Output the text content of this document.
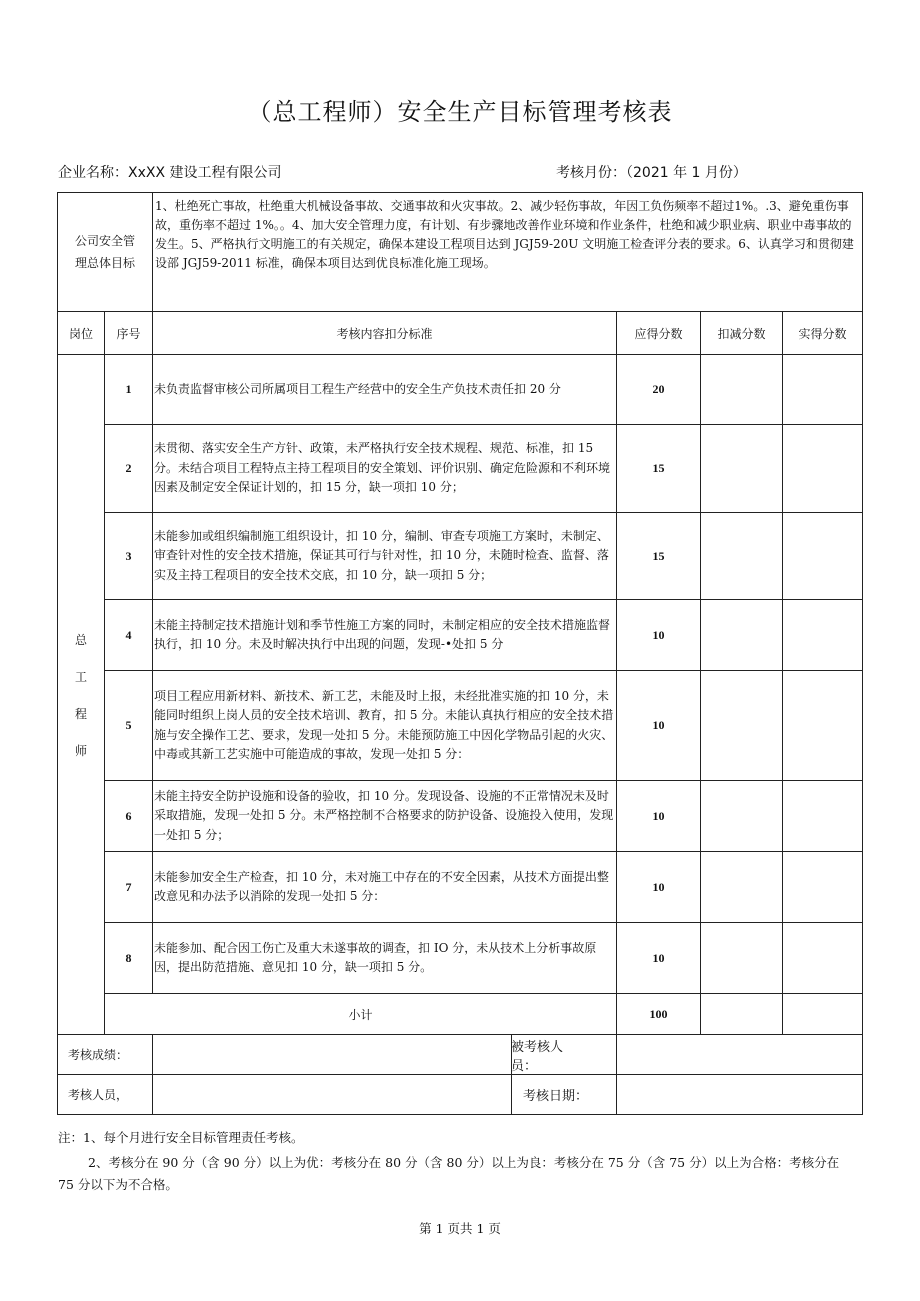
（总工程师）安全生产目标管理考核表
企业名称：XxXX 建设工程有限公司	考核月份：（2021 年 1 月份）
公司安全管
理总体目标		1、杜绝死亡事故，杜绝重大机械设备事故、交通事故和火灾事故。2、减少轻伤事故，年因工负伤频率不超过1%。.3、避免重伤事故，重伤率不超过 1%。。4、加大安全管理力度，有计划、有步骤地改善作业环境和作业条件，杜绝和减少职业病、职业中毒事故的发生。5、严格执行文明施工的有关规定，确保本建设工程项目达到 JGJ59-20U 文明施工检查评分表的要求。6、认真学习和贯彻建设部 JGJ59-2011 标准，确保本项目达到优良标准化施工现场。			
岗位	序号	考核内容扣分标准	应得分数	扣减分数	实得分数

总
工
程
师	1	未负责监督审核公司所属项目工程生产经营中的安全生产负技术责任扣 20 分	20		
	2	未贯彻、落实安全生产方针、政策，未严格执行安全技术规程、规范、标准，扣 15 分。未结合项目工程特点主持工程项目的安全策划、评价识别、确定危险源和不利环境因素及制定安全保证计划的，扣 15 分，缺一项扣 10 分；	15		
	3	未能参加或组织编制施工组织设计，扣 10 分，编制、审查专项施工方案时，未制定、审查针对性的安全技术措施，保证其可行与针对性，扣 10 分，未随时检查、监督、落实及主持工程项目的安全技术交底，扣 10 分，缺一项扣 5 分；	15		
	4	未能主持制定技术措施计划和季节性施工方案的同时，未制定相应的安全技术措施监督执行，扣 10 分。未及时解决执行中出现的问题，发现-•处扣 5 分	10		
	5	项目工程应用新材料、新技术、新工艺，未能及时上报，未经批准实施的扣 10 分，未能同时组织上岗人员的安全技术培训、教育，扣 5 分。未能认真执行相应的安全技术措施与安全操作工艺、要求，发现一处扣 5 分。未能预防施工中因化学物品引起的火灾、中毒或其新工艺实施中可能造成的事故，发现一处扣 5 分：	10		
	6	未能主持安全防护设施和设备的验收，扣 10 分。发现设备、设施的不正常情况未及时采取措施，发现一处扣 5 分。未严格控制不合格要求的防护设备、设施投入使用，发现一处扣 5 分；	10		
	7	未能参加安全生产检查，扣 10 分，未对施工中存在的不安全因素，从技术方面提出整改意见和办法予以消除的发现一处扣 5 分：	10		
	8	未能参加、配合因工伤亡及重大未遂事故的调查，扣 IO 分，未从技术上分析事故原因，提出防范措施、意见扣 10 分，缺一项扣 5 分。	10		
	小计		100		
考核成绩：		被考核人员：			

考核人员，		考核日期：			

注：1、每个月进行安全目标管理责任考核。
2、考核分在 90 分（含 90 分）以上为优：考核分在 80 分（含 80 分）以上为良：考核分在 75 分（含 75 分）以上为合格：考核分在 75 分以下为不合格。
第 1 页共 1 页
